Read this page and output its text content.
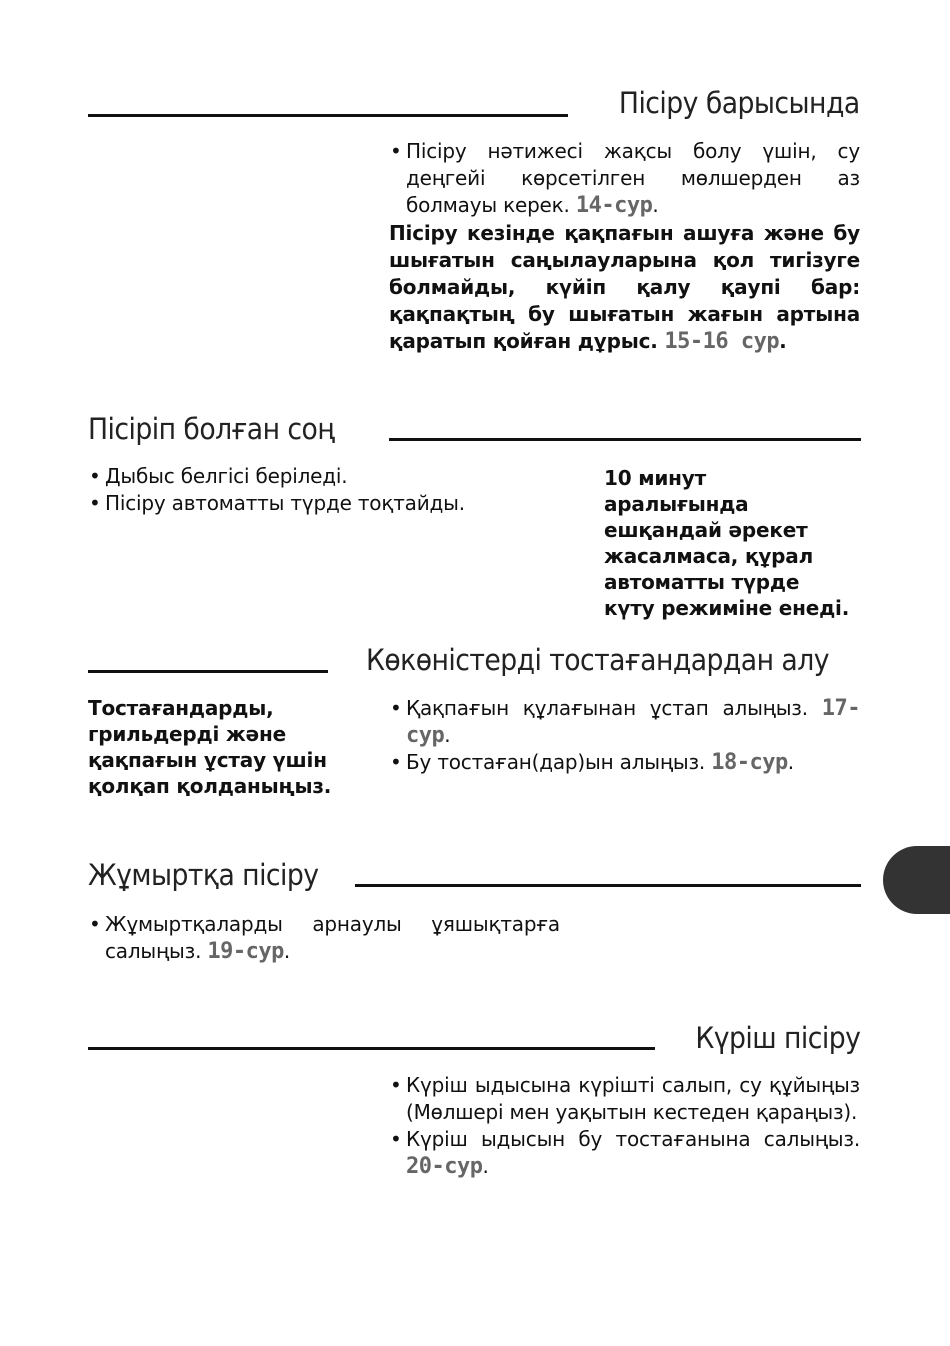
Пісіру барысында
• Пісіру нәтижесі жақсы болу үшін, су деңгейі көрсетілген мөлшерден аз болмауы керек. 14-сур.
Пісіру кезінде қақпағын ашуға және бу шығатын саңылауларына қол тигізуге болмайды, күйіп қалу қаупі бар: қақпақтың бу шығатын жағын артына қаратып қойған дұрыс. 15-16 сур.
Пісіріп болған соң
• Дыбыс белгісі беріледі.
• Пісіру автоматты түрде тоқтайды.
10 минут аралығында ешқандай әрекет жасалмаса, құрал автоматты түрде күту режиміне енеді.
Көкөністерді тостағандардан алу
Тостағандарды, грильдерді және қақпағын ұстау үшін қолқап қолданыңыз.
• Қақпағын құлағынан ұстап алыңыз. 17-сур.
• Бу тостаған(дар)ын алыңыз. 18-сур.
Жұмыртқа пісіру
• Жұмыртқаларды арнаулы ұяшықтарға салыңыз. 19-сур.
Күріш пісіру
• Күріш ыдысына күрішті салып, су құйыңыз (Мөлшері мен уақытын кестеден қараңыз).
• Күріш ыдысын бу тостағанына салыңыз. 20-сур.
